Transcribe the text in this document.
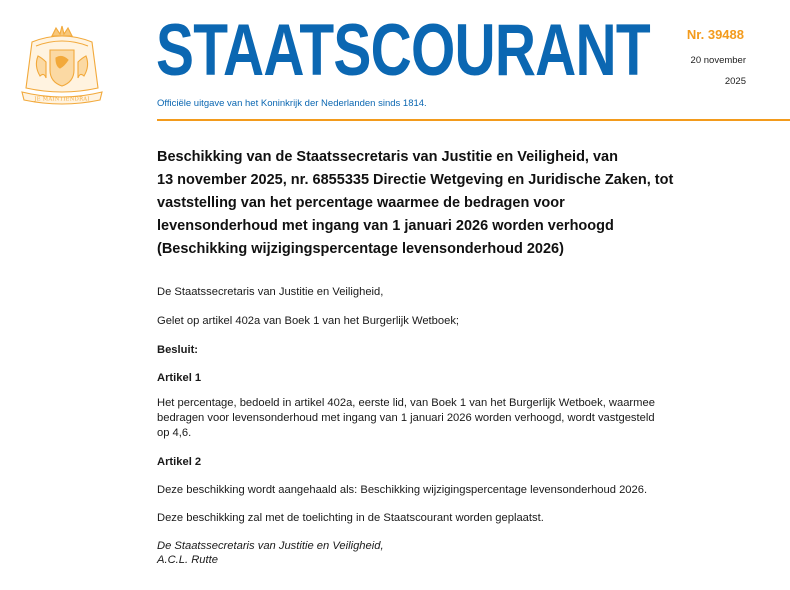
JE MAINTIENDRAI
STAATSCOURANT
Officiële uitgave van het Koninkrijk der Nederlanden sinds 1814.
Nr. 39488
20 november
2025
Beschikking van de Staatssecretaris van Justitie en Veiligheid, van
13 november 2025, nr. 6855335 Directie Wetgeving en Juridische Zaken, tot
vaststelling van het percentage waarmee de bedragen voor
levensonderhoud met ingang van 1 januari 2026 worden verhoogd
(Beschikking wijzigingspercentage levensonderhoud 2026)

De Staatssecretaris van Justitie en Veiligheid,

Gelet op artikel 402a van Boek 1 van het Burgerlijk Wetboek;

Besluit:

Artikel 1

Het percentage, bedoeld in artikel 402a, eerste lid, van Boek 1 van het Burgerlijk Wetboek, waarmee
bedragen voor levensonderhoud met ingang van 1 januari 2026 worden verhoogd, wordt vastgesteld
op 4,6.

Artikel 2

Deze beschikking wordt aangehaald als: Beschikking wijzigingspercentage levensonderhoud 2026.

Deze beschikking zal met de toelichting in de Staatscourant worden geplaatst.

De Staatssecretaris van Justitie en Veiligheid,

A.C.L. Rutte
